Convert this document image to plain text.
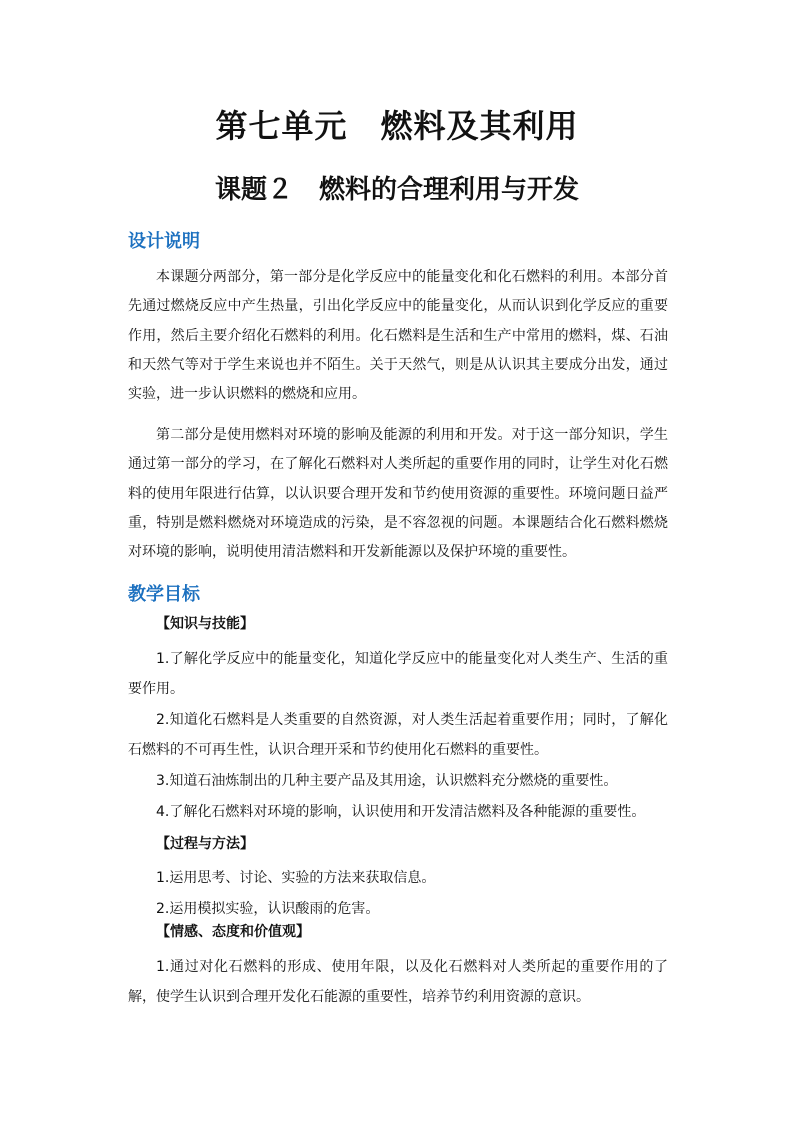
第七单元　燃料及其利用
课题２　燃料的合理利用与开发
设计说明

本课题分两部分，第一部分是化学反应中的能量变化和化石燃料的利用。本部分首先通过燃烧反应中产生热量，引出化学反应中的能量变化，从而认识到化学反应的重要作用，然后主要介绍化石燃料的利用。化石燃料是生活和生产中常用的燃料，煤、石油和天然气等对于学生来说也并不陌生。关于天然气，则是从认识其主要成分出发，通过实验，进一步认识燃料的燃烧和应用。

第二部分是使用燃料对环境的影响及能源的利用和开发。对于这一部分知识，学生通过第一部分的学习，在了解化石燃料对人类所起的重要作用的同时，让学生对化石燃料的使用年限进行估算，以认识要合理开发和节约使用资源的重要性。环境问题日益严重，特别是燃料燃烧对环境造成的污染，是不容忽视的问题。本课题结合化石燃料燃烧对环境的影响，说明使用清洁燃料和开发新能源以及保护环境的重要性。

教学目标
【知识与技能】

1.了解化学反应中的能量变化，知道化学反应中的能量变化对人类生产、生活的重要作用。

2.知道化石燃料是人类重要的自然资源，对人类生活起着重要作用；同时，了解化石燃料的不可再生性，认识合理开采和节约使用化石燃料的重要性。

3.知道石油炼制出的几种主要产品及其用途，认识燃料充分燃烧的重要性。

4.了解化石燃料对环境的影响，认识使用和开发清洁燃料及各种能源的重要性。

【过程与方法】

1.运用思考、讨论、实验的方法来获取信息。

2.运用模拟实验，认识酸雨的危害。

【情感、态度和价值观】

1.通过对化石燃料的形成、使用年限，以及化石燃料对人类所起的重要作用的了解，使学生认识到合理开发化石能源的重要性，培养节约利用资源的意识。
